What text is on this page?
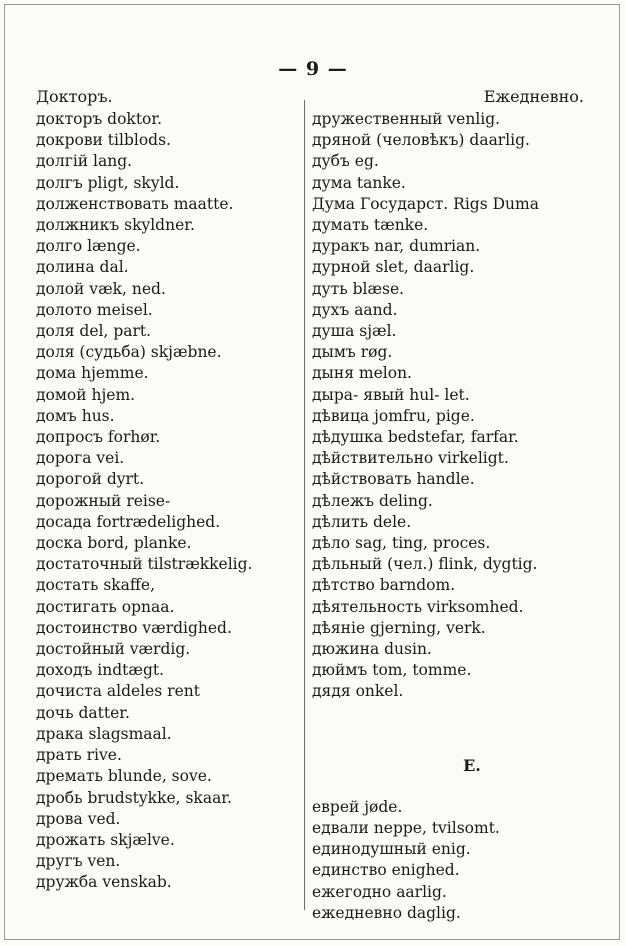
— 9 —
Докторъ.
докторъ doktor.
докрови tilblods.
долгій lang.
долгъ pligt, skyld.
долженствовать maatte.
должникъ skyldner.
долго længe.
долина dal.
долой væk, ned.
долото meisel.
доля del, part.
доля (судьба) skjæbne.
дома hjemme.
домой hjem.
домъ hus.
допросъ forhør.
дорога vei.
дорогой dyrt.
дорожный reise-
досада fortrædelighed.
доска bord, planke.
достаточный tilstrækkelig.
достать skaffe,
достигать opnaa.
достоинство værdighed.
достойный værdig.
доходъ indtægt.
дочиста aldeles rent
дочь datter.
драка slagsmaal.
драть rive.
дремать blunde, sove.
дробь brudstykke, skaar.
дрова ved.
дрожать skjælve.
другъ ven.
дружба venskab.
Ежедневно.
дружественный venlig.
дряной (человѣкъ) daarlig.
дубъ eg.
дума tanke.
Дума Государст. Rigs Duma
думать tænke.
дуракъ nar, dumrian.
дурной slet, daarlig.
дуть blæse.
духъ aand.
душа sjæl.
дымъ røg.
дыня melon.
дыра- явый hul- let.
дѣвица jomfru, pige.
дѣдушка bedstefar, farfar.
дѣйствительно virkeligt.
дѣйствовать handle.
дѣлежъ deling.
дѣлить dele.
дѣло sag, ting, proces.
дѣльный (чел.) flink, dygtig.
дѣтство barndom.
дѣятельность virksomhed.
дѣяніе gjerning, verk.
дюжина dusin.
дюймъ tom, tomme.
дядя onkel.
Е.
еврей jøde.
едвали neppe, tvilsomt.
единодушный enig.
единство enighed.
ежегодно aarlig.
ежедневно daglig.
